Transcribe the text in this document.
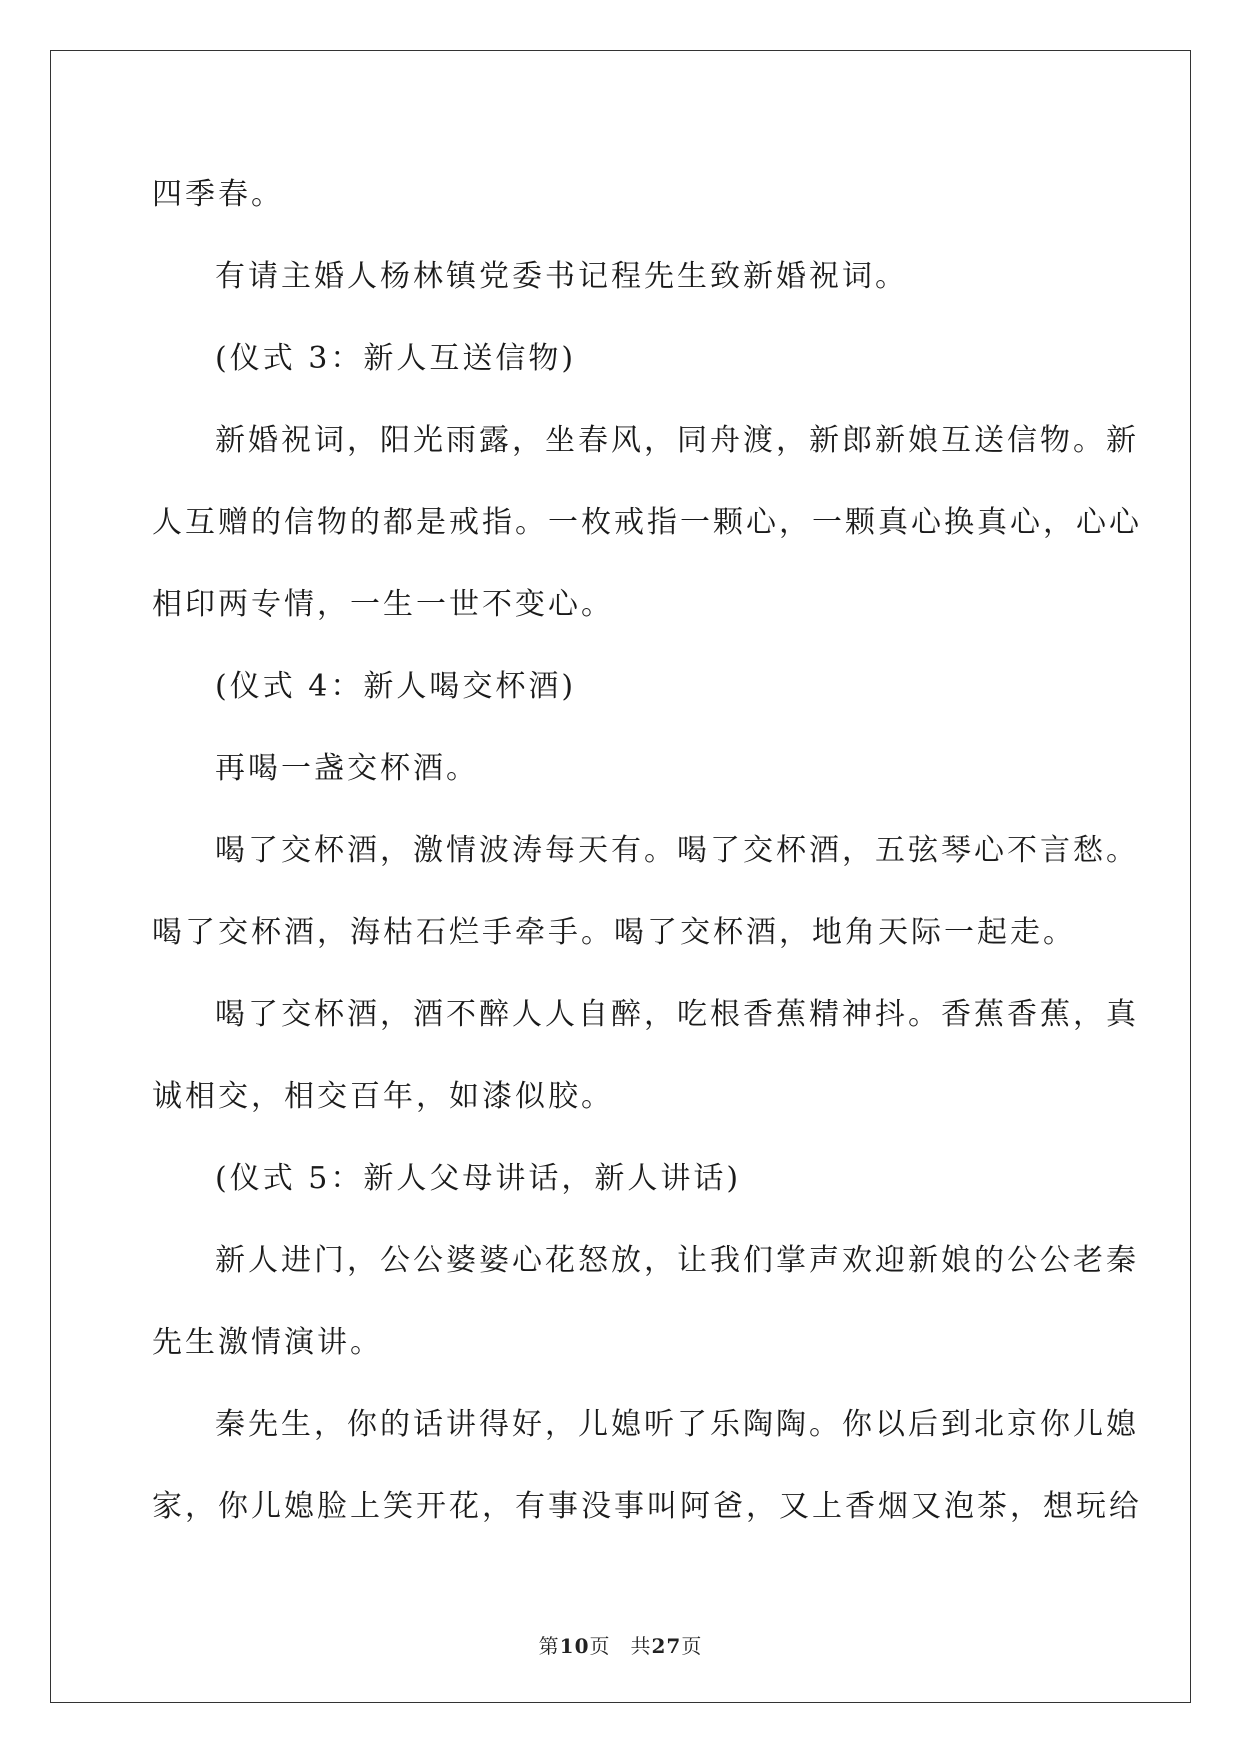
四季春。

有请主婚人杨林镇党委书记程先生致新婚祝词。

(仪式 3：新人互送信物)

新婚祝词，阳光雨露，坐春风，同舟渡，新郎新娘互送信物。新

人互赠的信物的都是戒指。一枚戒指一颗心，一颗真心换真心，心心

相印两专情，一生一世不变心。

(仪式 4：新人喝交杯酒)

再喝一盏交杯酒。

喝了交杯酒，激情波涛每天有。喝了交杯酒，五弦琴心不言愁。

喝了交杯酒，海枯石烂手牵手。喝了交杯酒，地角天际一起走。

喝了交杯酒，酒不醉人人自醉，吃根香蕉精神抖。香蕉香蕉，真

诚相交，相交百年，如漆似胶。

(仪式 5：新人父母讲话，新人讲话)

新人进门，公公婆婆心花怒放，让我们掌声欢迎新娘的公公老秦

先生激情演讲。

秦先生，你的话讲得好，儿媳听了乐陶陶。你以后到北京你儿媳

家，你儿媳脸上笑开花，有事没事叫阿爸，又上香烟又泡茶，想玩给

第10页 共27页
